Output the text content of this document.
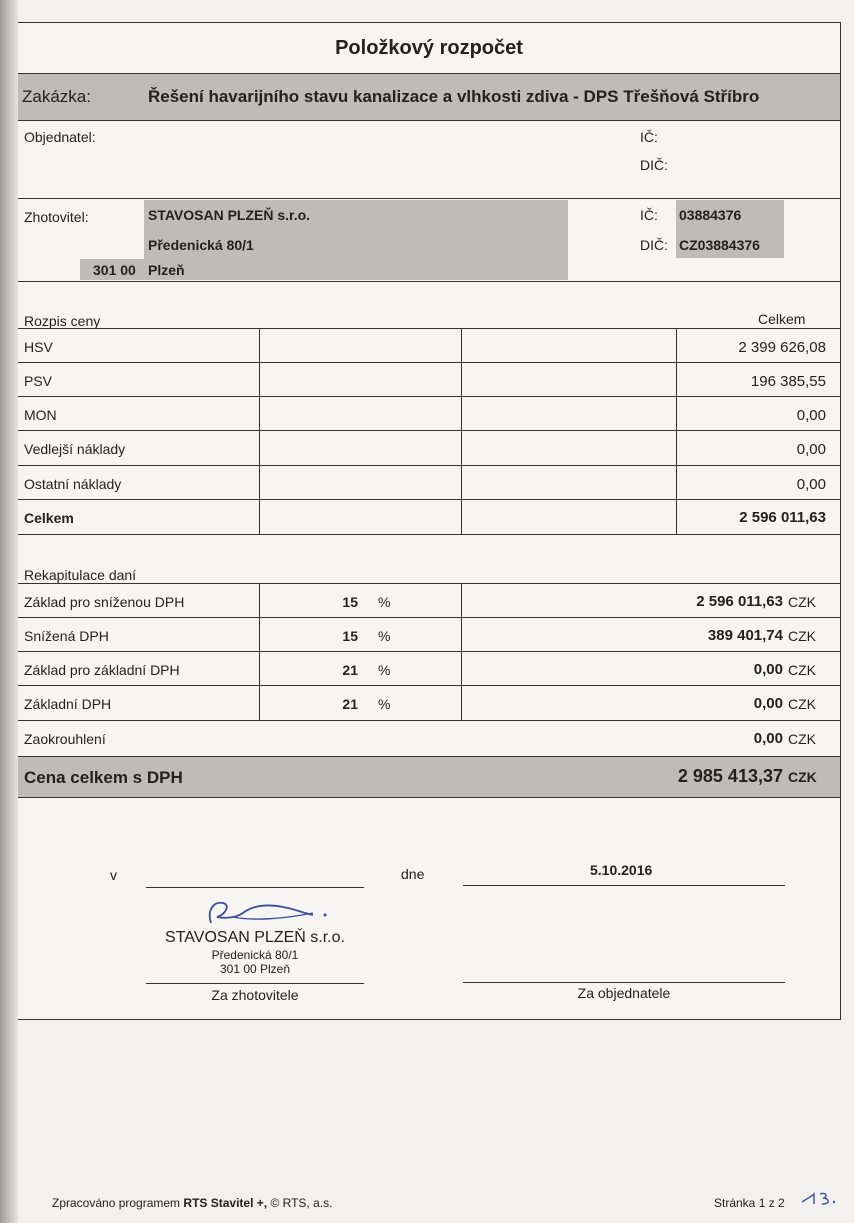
Položkový rozpočet
Zakázka:	Řešení havarijního stavu kanalizace a vlhkosti zdiva - DPS Třešňová Stříbro
Objednatel:	IČ:
DIČ:
Zhotovitel:	STAVOSAN PLZEŇ s.r.o.
Předenická 80/1
301 00 Plzeň
IČ: 03884376
DIČ: CZ03884376
Rozpis ceny	Celkem
HSV	2 399 626,08
PSV	196 385,55
MON	0,00
Vedlejší náklady	0,00
Ostatní náklady	0,00
Celkem	2 596 011,63
Rekapitulace daní
Základ pro sníženou DPH	15 %	2 596 011,63 CZK
Snížená DPH	15 %	389 401,74 CZK
Základ pro základní DPH	21 %	0,00 CZK
Základní DPH	21 %	0,00 CZK
Zaokrouhlení	0,00 CZK
Cena celkem s DPH	2 985 413,37 CZK
v	dne	5.10.2016
STAVOSAN PLZEŇ s.r.o.
Předenická 80/1
301 00 Plzeň
Za zhotovitele	Za objednatele
Zpracováno programem RTS Stavitel +, © RTS, a.s.	Stránka 1 z 2
